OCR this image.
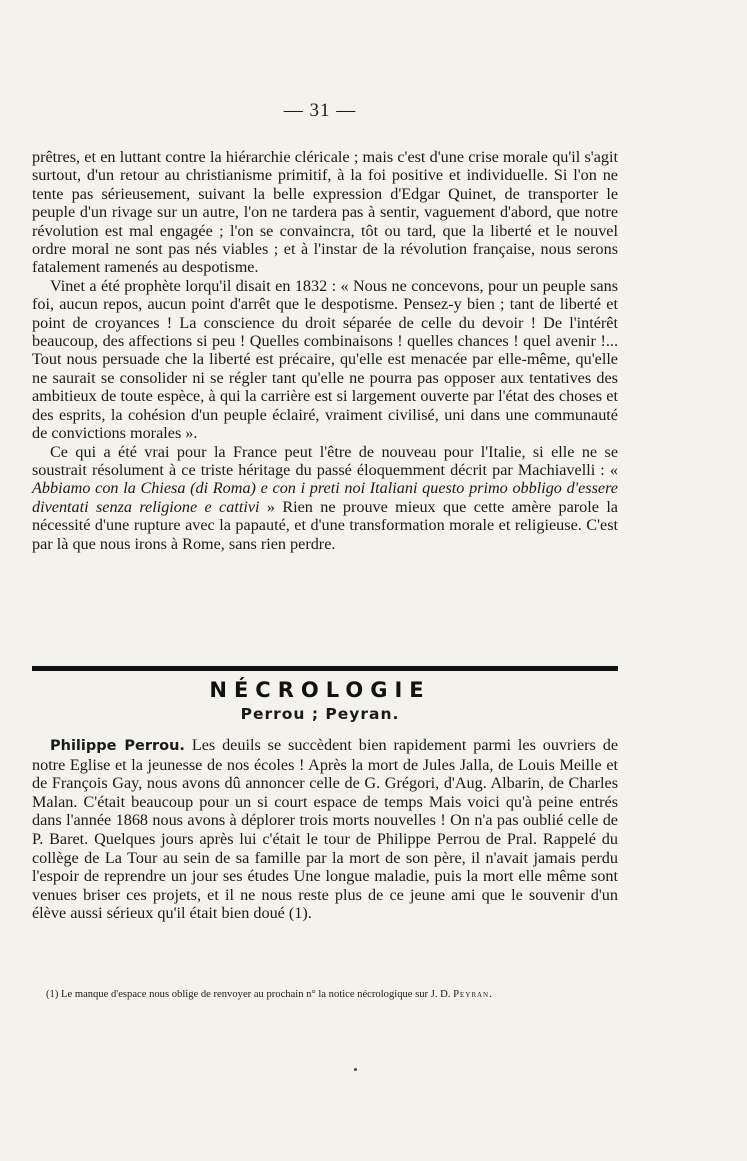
— 31 —

prêtres, et en luttant contre la hiérarchie cléricale ; mais c'est d'une crise morale qu'il s'agit surtout, d'un retour au christianisme primitif, à la foi positive et individuelle. Si l'on ne tente pas sérieusement, suivant la belle expression d'Edgar Quinet, de transporter le peuple d'un rivage sur un autre, l'on ne tardera pas à sentir, vaguement d'abord, que notre révolution est mal engagée ; l'on se convaincra, tôt ou tard, que la liberté et le nouvel ordre moral ne sont pas nés viables ; et à l'instar de la révolution française, nous serons fatalement ramenés au despotisme.

Vinet a été prophète lorqu'il disait en 1832 : « Nous ne concevons, pour un peuple sans foi, aucun repos, aucun point d'arrêt que le despotisme. Pensez-y bien ; tant de liberté et point de croyances ! La conscience du droit séparée de celle du devoir ! De l'intérêt beaucoup, des affections si peu ! Quelles combinaisons ! quelles chances ! quel avenir !... Tout nous persuade che la liberté est précaire, qu'elle est menacée par elle-même, qu'elle ne saurait se consolider ni se régler tant qu'elle ne pourra pas opposer aux tentatives des ambitieux de toute espèce, à qui la carrière est si largement ouverte par l'état des choses et des esprits, la cohésion d'un peuple éclairé, vraiment civilisé, uni dans une communauté de convictions morales ».

Ce qui a été vrai pour la France peut l'être de nouveau pour l'Italie, si elle ne se soustrait résolument à ce triste héritage du passé éloquemment décrit par Machiavelli : « Abbiamo con la Chiesa (di Roma) e con i preti noi Italiani questo primo obbligo d'essere diventati senza religione e cattivi » Rien ne prouve mieux que cette amère parole la nécessité d'une rupture avec la papauté, et d'une transformation morale et religieuse. C'est par là que nous irons à Rome, sans rien perdre.

NÉCROLOGIE
Perrou ; Peyran.

Philippe Perrou. Les deuils se succèdent bien rapidement parmi les ouvriers de notre Eglise et la jeunesse de nos écoles ! Après la mort de Jules Jalla, de Louis Meille et de François Gay, nous avons dû annoncer celle de G. Grégori, d'Aug. Albarin, de Charles Malan. C'était beaucoup pour un si court espace de temps Mais voici qu'à peine entrés dans l'année 1868 nous avons à déplorer trois morts nouvelles ! On n'a pas oublié celle de P. Baret. Quelques jours après lui c'était le tour de Philippe Perrou de Pral. Rappelé du collège de La Tour au sein de sa famille par la mort de son père, il n'avait jamais perdu l'espoir de reprendre un jour ses études Une longue maladie, puis la mort elle même sont venues briser ces projets, et il ne nous reste plus de ce jeune ami que le souvenir d'un élève aussi sérieux qu'il était bien doué (1).

(1) Le manque d'espace nous oblige de renvoyer au prochain n° la notice nécrologique sur J. D. Peyran.
